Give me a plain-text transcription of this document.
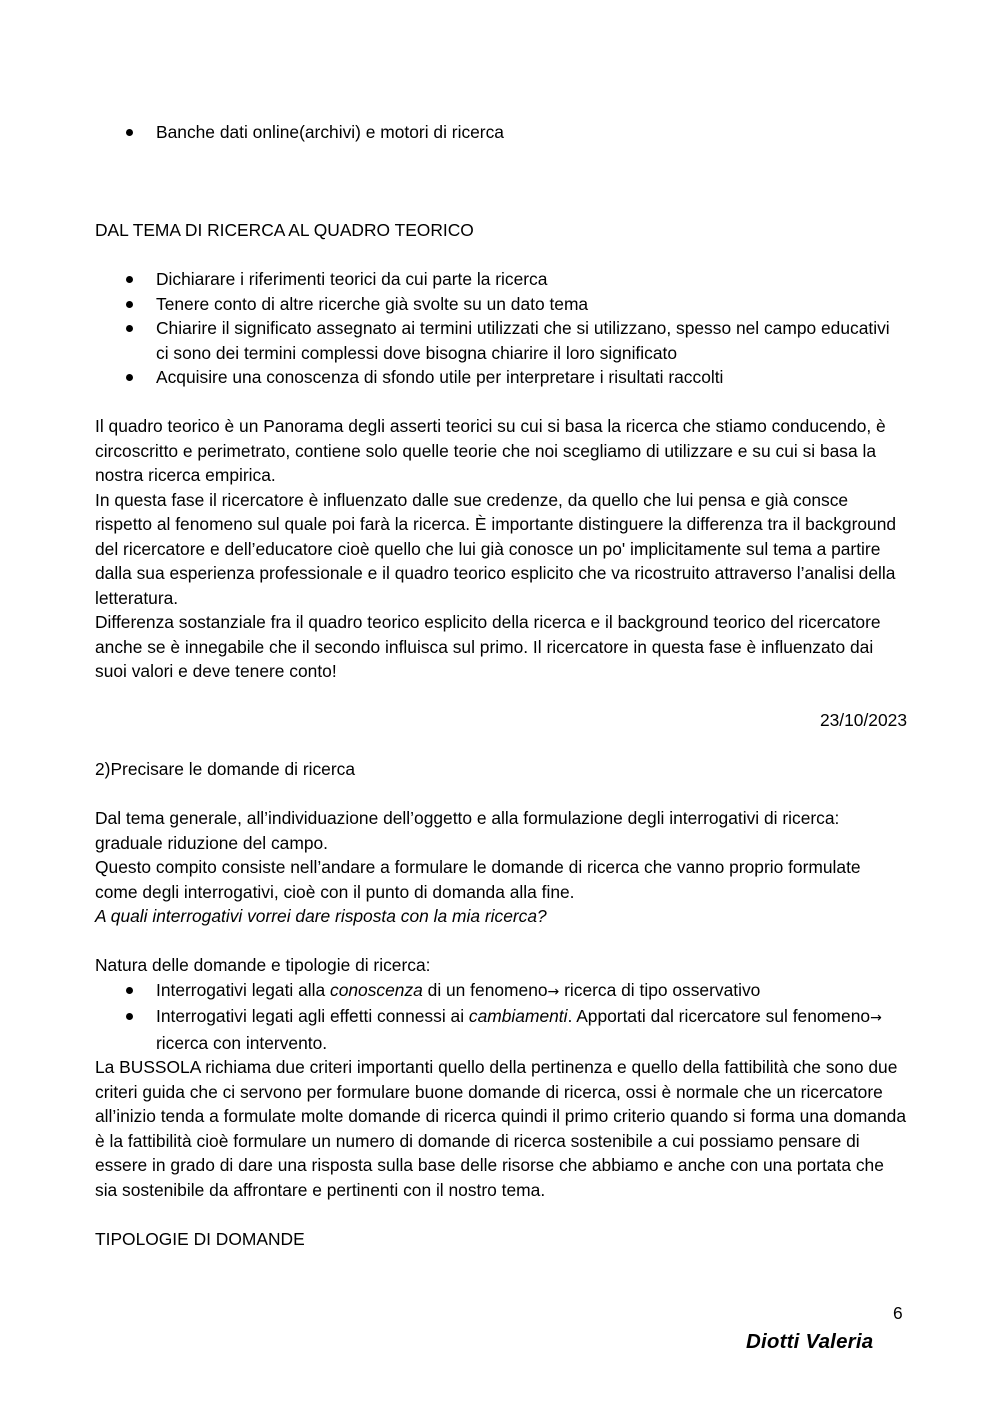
Banche dati online(archivi) e motori di ricerca

DAL TEMA DI RICERCA AL QUADRO TEORICO

Dichiarare i riferimenti teorici da cui parte la ricerca
Tenere conto di altre ricerche già svolte su un dato tema
Chiarire il significato assegnato ai termini utilizzati che si utilizzano, spesso nel campo educativi ci sono dei termini complessi dove bisogna chiarire il loro significato
Acquisire una conoscenza di sfondo utile per interpretare i risultati raccolti

Il quadro teorico è un Panorama degli asserti teorici su cui si basa la ricerca che stiamo conducendo, è circoscritto e perimetrato, contiene solo quelle teorie che noi scegliamo di utilizzare e su cui si basa la nostra ricerca empirica.

In questa fase il ricercatore è influenzato dalle sue credenze, da quello che lui pensa e già consce rispetto al fenomeno sul quale poi farà la ricerca. È importante distinguere la differenza tra il background del ricercatore e dell’educatore cioè quello che lui già conosce un po' implicitamente sul tema a partire dalla sua esperienza professionale e il quadro teorico esplicito che va ricostruito attraverso l’analisi della letteratura.

Differenza sostanziale fra il quadro teorico esplicito della ricerca e il background teorico del ricercatore anche se è innegabile che il secondo influisca sul primo. Il ricercatore in questa fase è influenzato dai suoi valori e deve tenere conto!

23/10/2023

2)Precisare le domande di ricerca

Dal tema generale, all’individuazione dell’oggetto e alla formulazione degli interrogativi di ricerca: graduale riduzione del campo.

Questo compito consiste nell’andare a formulare le domande di ricerca che vanno proprio formulate come degli interrogativi, cioè con il punto di domanda alla fine.

A quali interrogativi vorrei dare risposta con la mia ricerca?

Natura delle domande e tipologie di ricerca:

Interrogativi legati alla conoscenza di un fenomeno→ ricerca di tipo osservativo
Interrogativi legati agli effetti connessi ai cambiamenti. Apportati dal ricercatore sul fenomeno→ ricerca con intervento.

La BUSSOLA richiama due criteri importanti quello della pertinenza e quello della fattibilità che sono due criteri guida che ci servono per formulare buone domande di ricerca, ossi è normale che un ricercatore all’inizio tenda a formulate molte domande di ricerca quindi il primo criterio quando si forma una domanda è la fattibilità cioè formulare un numero di domande di ricerca sostenibile a cui possiamo pensare di essere in grado di dare una risposta sulla base delle risorse che abbiamo e anche con una portata che sia sostenibile da affrontare e pertinenti con il nostro tema.

TIPOLOGIE DI DOMANDE

6
Diotti Valeria
